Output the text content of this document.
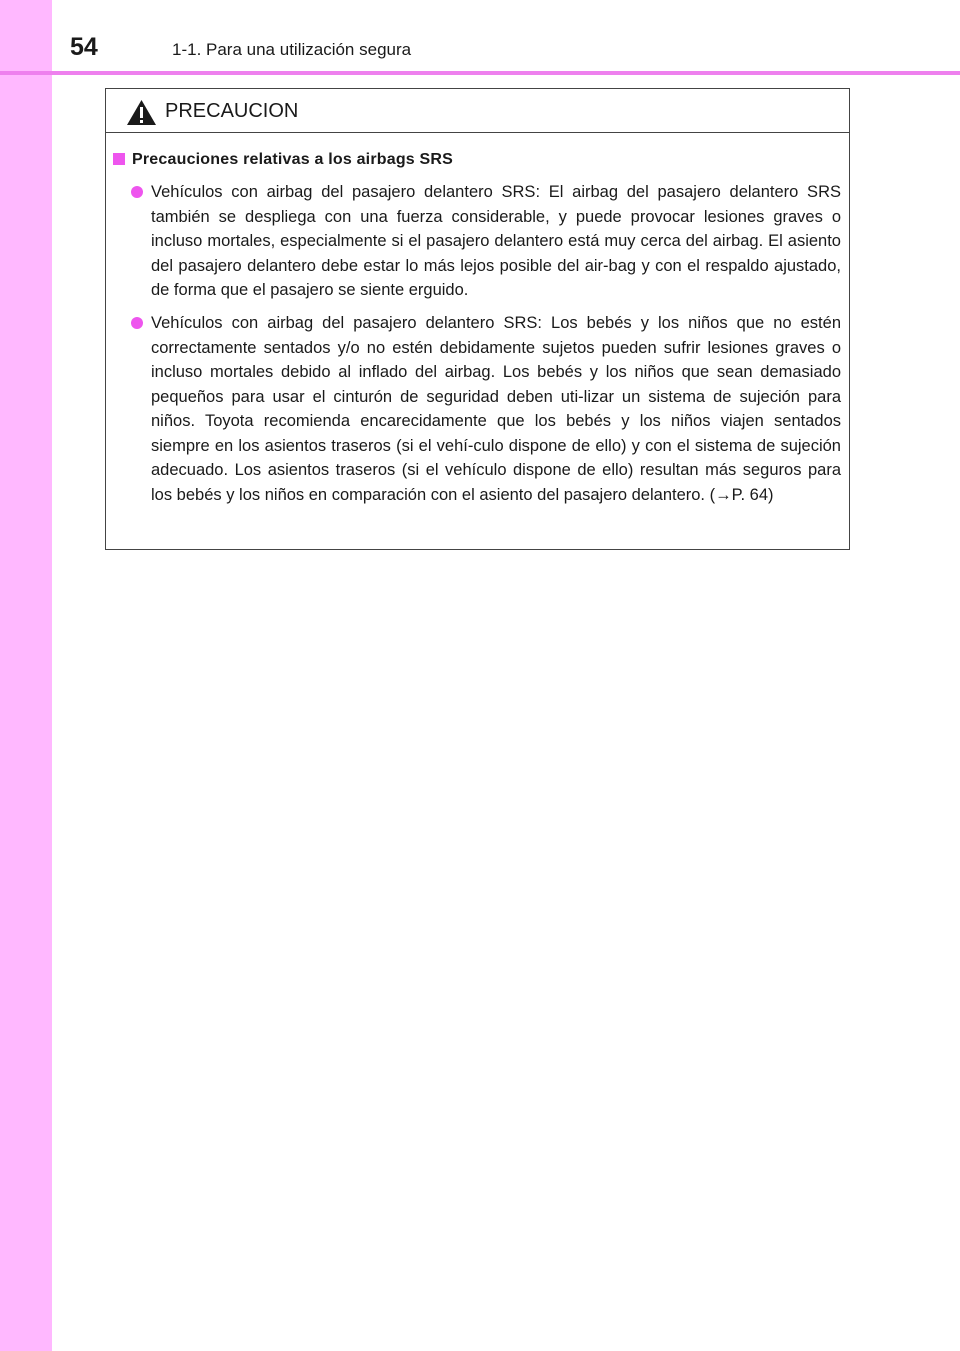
54	1-1. Para una utilización segura
PRECAUCION
Precauciones relativas a los airbags SRS
Vehículos con airbag del pasajero delantero SRS: El airbag del pasajero delantero SRS también se despliega con una fuerza considerable, y puede provocar lesiones graves o incluso mortales, especialmente si el pasajero delantero está muy cerca del airbag. El asiento del pasajero delantero debe estar lo más lejos posible del air-bag y con el respaldo ajustado, de forma que el pasajero se siente erguido.
Vehículos con airbag del pasajero delantero SRS: Los bebés y los niños que no estén correctamente sentados y/o no estén debidamente sujetos pueden sufrir lesiones graves o incluso mortales debido al inflado del airbag. Los bebés y los niños que sean demasiado pequeños para usar el cinturón de seguridad deben uti-lizar un sistema de sujeción para niños. Toyota recomienda encarecidamente que los bebés y los niños viajen sentados siempre en los asientos traseros (si el vehí-culo dispone de ello) y con el sistema de sujeción adecuado. Los asientos traseros (si el vehículo dispone de ello) resultan más seguros para los bebés y los niños en comparación con el asiento del pasajero delantero. (→P. 64)
